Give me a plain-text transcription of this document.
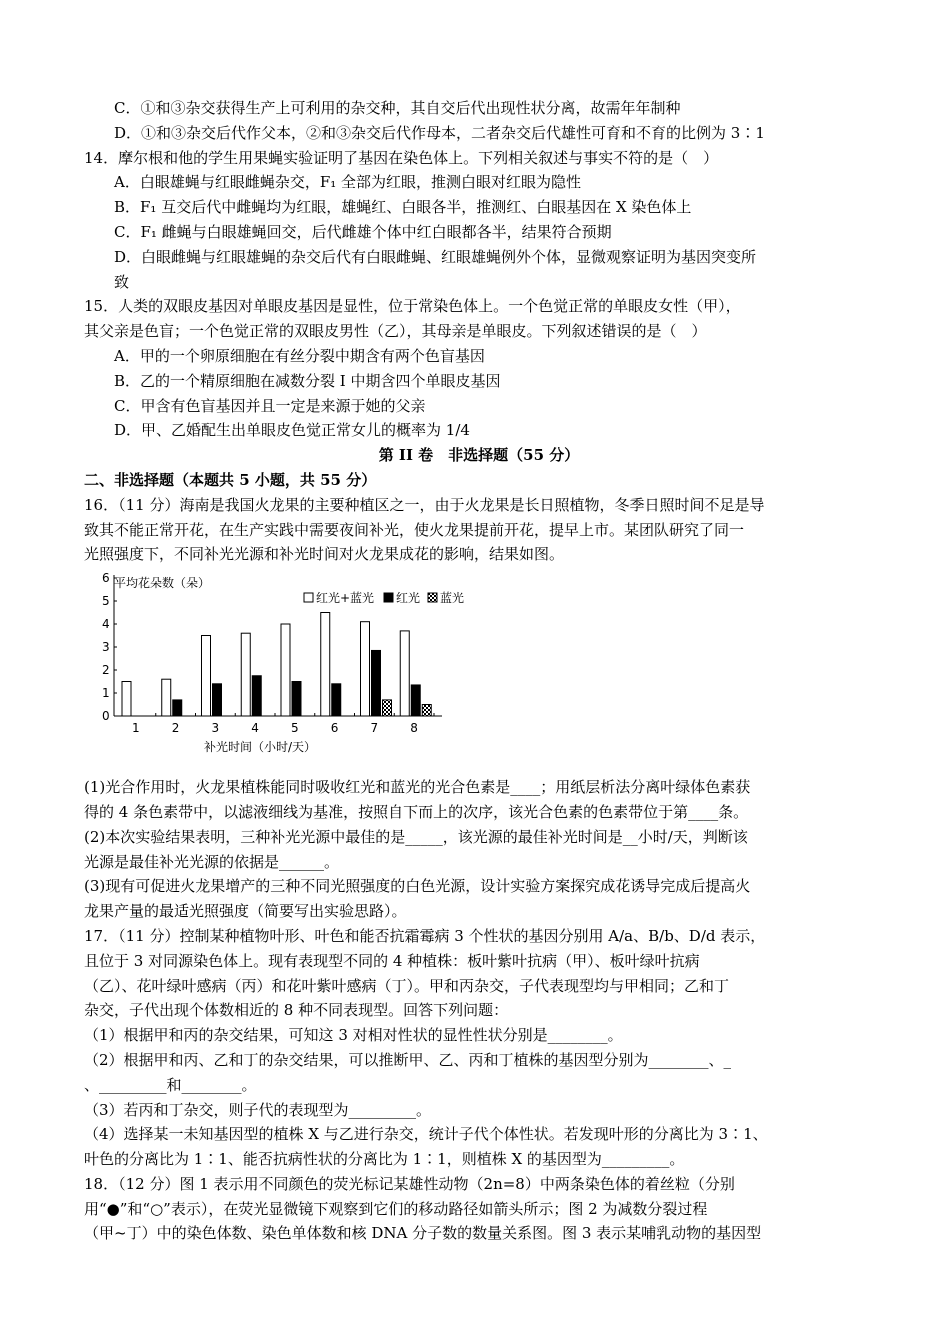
C．①和③杂交获得生产上可利用的杂交种，其自交后代出现性状分离，故需年年制种
D．①和③杂交后代作父本，②和③杂交后代作母本，二者杂交后代雄性可育和不育的比例为 3∶1
14．摩尔根和他的学生用果蝇实验证明了基因在染色体上。下列相关叙述与事实不符的是（　）
A．白眼雄蝇与红眼雌蝇杂交，F₁ 全部为红眼，推测白眼对红眼为隐性
B．F₁ 互交后代中雌蝇均为红眼，雄蝇红、白眼各半，推测红、白眼基因在 X 染色体上
C．F₁ 雌蝇与白眼雄蝇回交，后代雌雄个体中红白眼都各半，结果符合预期
D．白眼雌蝇与红眼雄蝇的杂交后代有白眼雌蝇、红眼雄蝇例外个体，显微观察证明为基因突变所
致
15．人类的双眼皮基因对单眼皮基因是显性，位于常染色体上。一个色觉正常的单眼皮女性（甲），
其父亲是色盲；一个色觉正常的双眼皮男性（乙），其母亲是单眼皮。下列叙述错误的是（　）
A．甲的一个卵原细胞在有丝分裂中期含有两个色盲基因
B．乙的一个精原细胞在减数分裂 I 中期含四个单眼皮基因
C．甲含有色盲基因并且一定是来源于她的父亲
D．甲、乙婚配生出单眼皮色觉正常女儿的概率为 1/4
第 II 卷　非选择题（55 分）
二、非选择题（本题共 5 小题，共 55 分）
16．（11 分）海南是我国火龙果的主要种植区之一，由于火龙果是长日照植物，冬季日照时间不足是导
致其不能正常开花，在生产实践中需要夜间补光，使火龙果提前开花，提早上市。某团队研究了同一
光照强度下，不同补光光源和补光时间对火龙果成花的影响，结果如图。
0
1
2
3
4
5
6
1	2	3	4	5	6	7	8
红光+蓝光 红光 蓝光
平均花朵数（朵）
补光时间（小时/天）
(1)光合作用时，火龙果植株能同时吸收红光和蓝光的光合色素是____；用纸层析法分离叶绿体色素获
得的 4 条色素带中，以滤液细线为基准，按照自下而上的次序，该光合色素的色素带位于第____条。
(2)本次实验结果表明，三种补光光源中最佳的是_____，该光源的最佳补光时间是__小时/天，判断该
光源是最佳补光光源的依据是______。
(3)现有可促进火龙果增产的三种不同光照强度的白色光源，设计实验方案探究成花诱导完成后提高火
龙果产量的最适光照强度（简要写出实验思路）。
17．（11 分）控制某种植物叶形、叶色和能否抗霜霉病 3 个性状的基因分别用 A/a、B/b、D/d 表示，
且位于 3 对同源染色体上。现有表现型不同的 4 种植株：板叶紫叶抗病（甲）、板叶绿叶抗病
（乙）、花叶绿叶感病（丙）和花叶紫叶感病（丁）。甲和丙杂交，子代表现型均与甲相同；乙和丁
杂交，子代出现个体数相近的 8 种不同表现型。回答下列问题：
（1）根据甲和丙的杂交结果，可知这 3 对相对性状的显性性状分别是________。
（2）根据甲和丙、乙和丁的杂交结果，可以推断甲、乙、丙和丁植株的基因型分别为________、_
、_________和________。
（3）若丙和丁杂交，则子代的表现型为_________。
（4）选择某一未知基因型的植株 X 与乙进行杂交，统计子代个体性状。若发现叶形的分离比为 3∶1、
叶色的分离比为 1∶1、能否抗病性状的分离比为 1∶1，则植株 X 的基因型为_________。
18．（12 分）图 1 表示用不同颜色的荧光标记某雄性动物（2n=8）中两条染色体的着丝粒（分别
用“●”和“○”表示），在荧光显微镜下观察到它们的移动路径如箭头所示；图 2 为减数分裂过程
（甲~丁）中的染色体数、染色单体数和核 DNA 分子数的数量关系图。图 3 表示某哺乳动物的基因型
